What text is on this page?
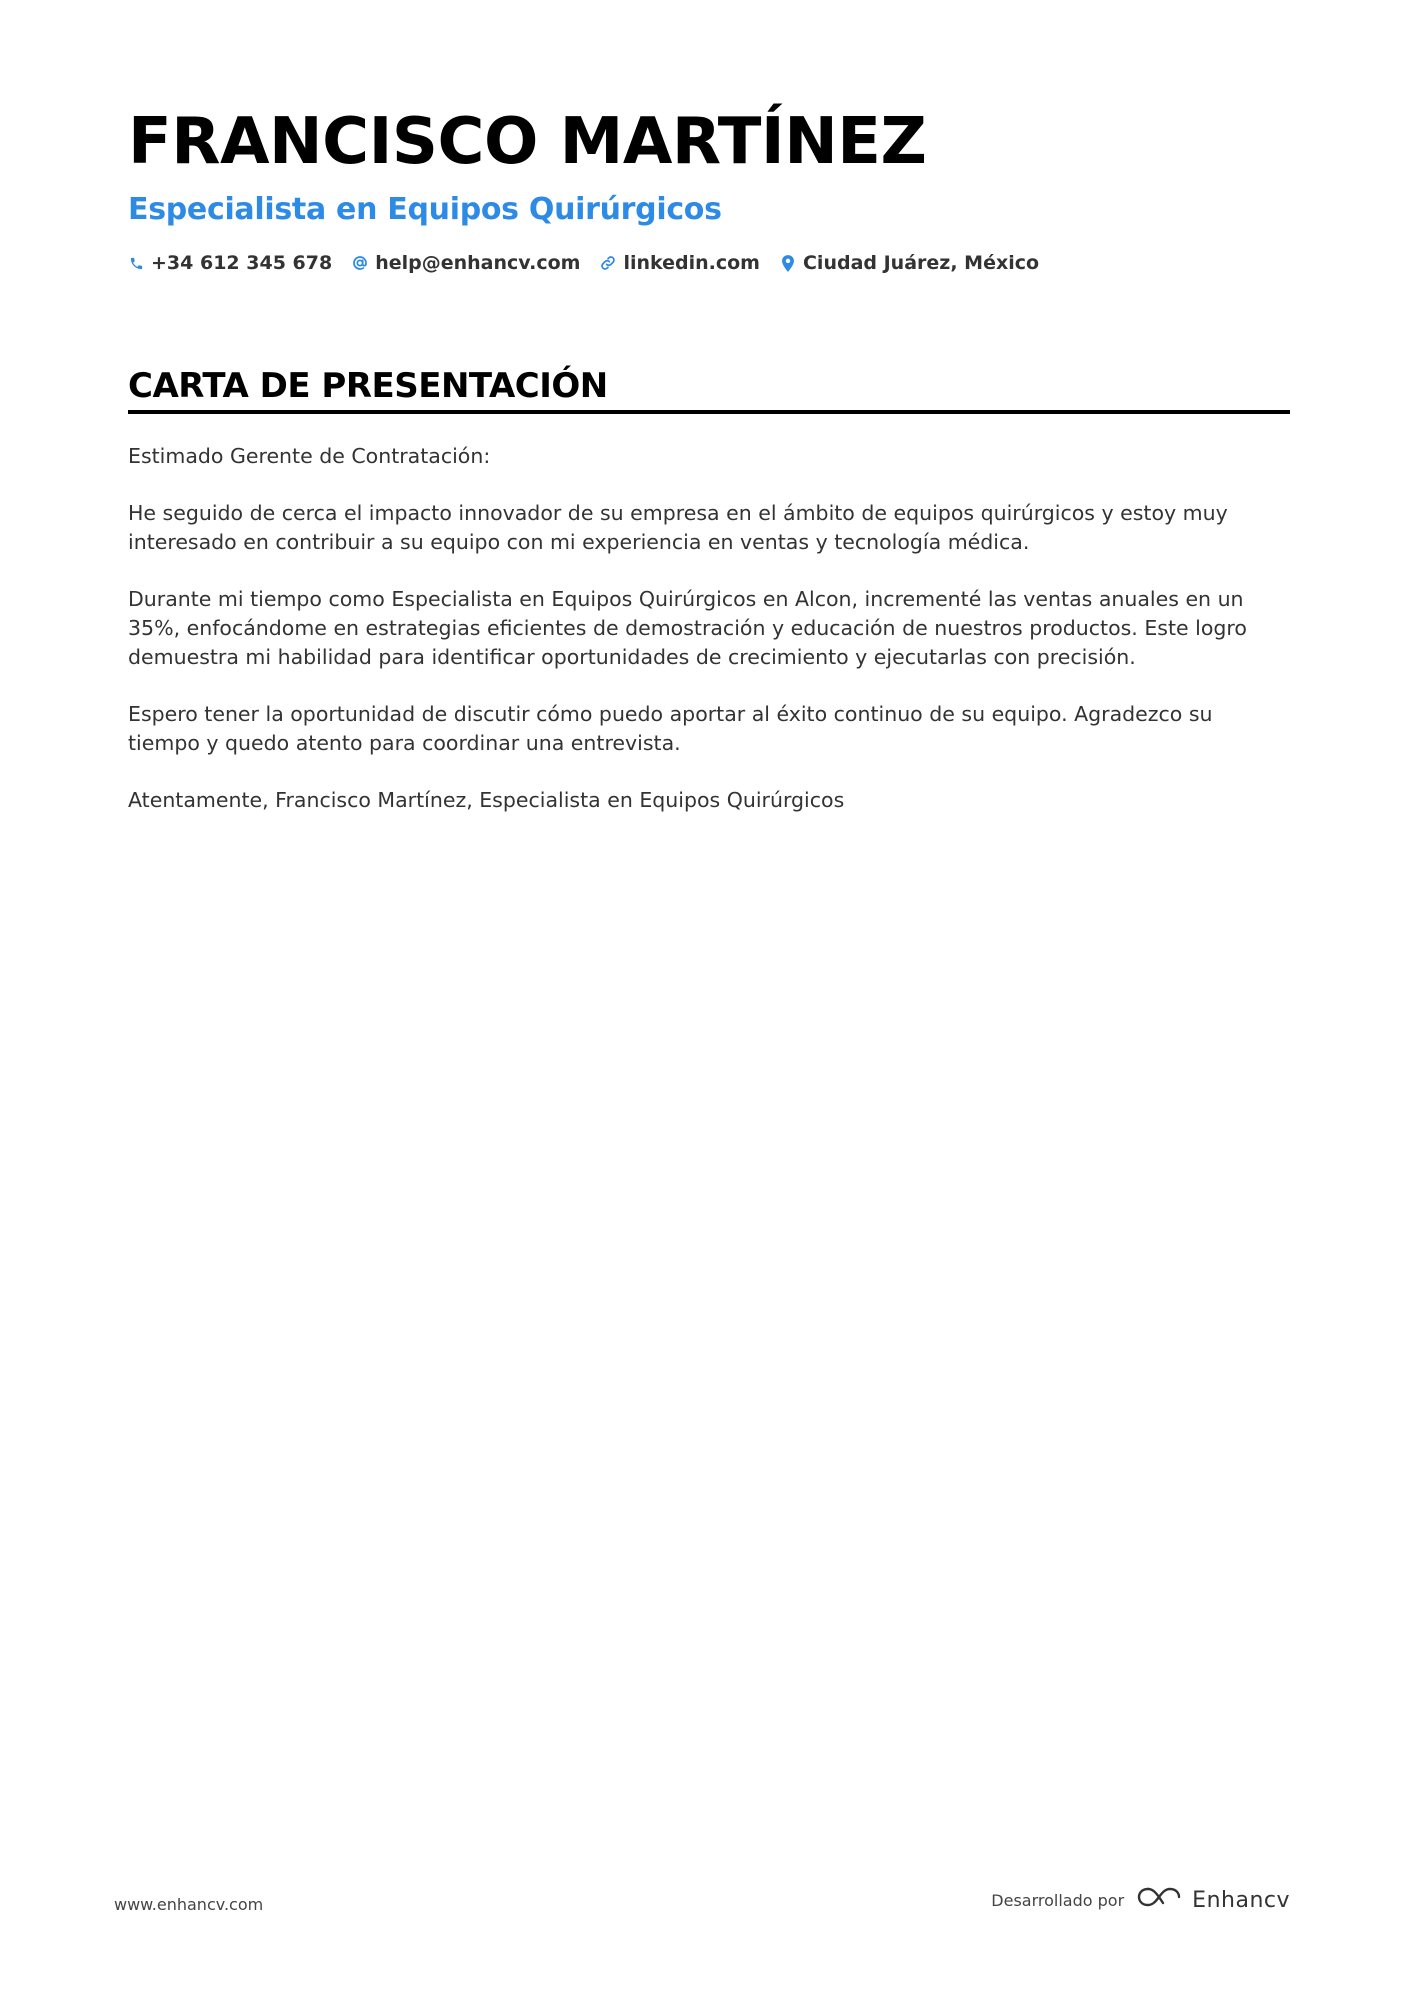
FRANCISCO MARTÍNEZ
Especialista en Equipos Quirúrgicos
+34 612 345 678 help@enhancv.com linkedin.com Ciudad Juárez, México
CARTA DE PRESENTACIÓN

Estimado Gerente de Contratación:

He seguido de cerca el impacto innovador de su empresa en el ámbito de equipos quirúrgicos y estoy muy interesado en contribuir a su equipo con mi experiencia en ventas y tecnología médica.

Durante mi tiempo como Especialista en Equipos Quirúrgicos en Alcon, incrementé las ventas anuales en un 35%, enfocándome en estrategias eficientes de demostración y educación de nuestros productos. Este logro demuestra mi habilidad para identificar oportunidades de crecimiento y ejecutarlas con precisión.

Espero tener la oportunidad de discutir cómo puedo aportar al éxito continuo de su equipo. Agradezco su tiempo y quedo atento para coordinar una entrevista.

Atentamente, Francisco Martínez, Especialista en Equipos Quirúrgicos

www.enhancv.com	Desarrollado por	Enhancv
